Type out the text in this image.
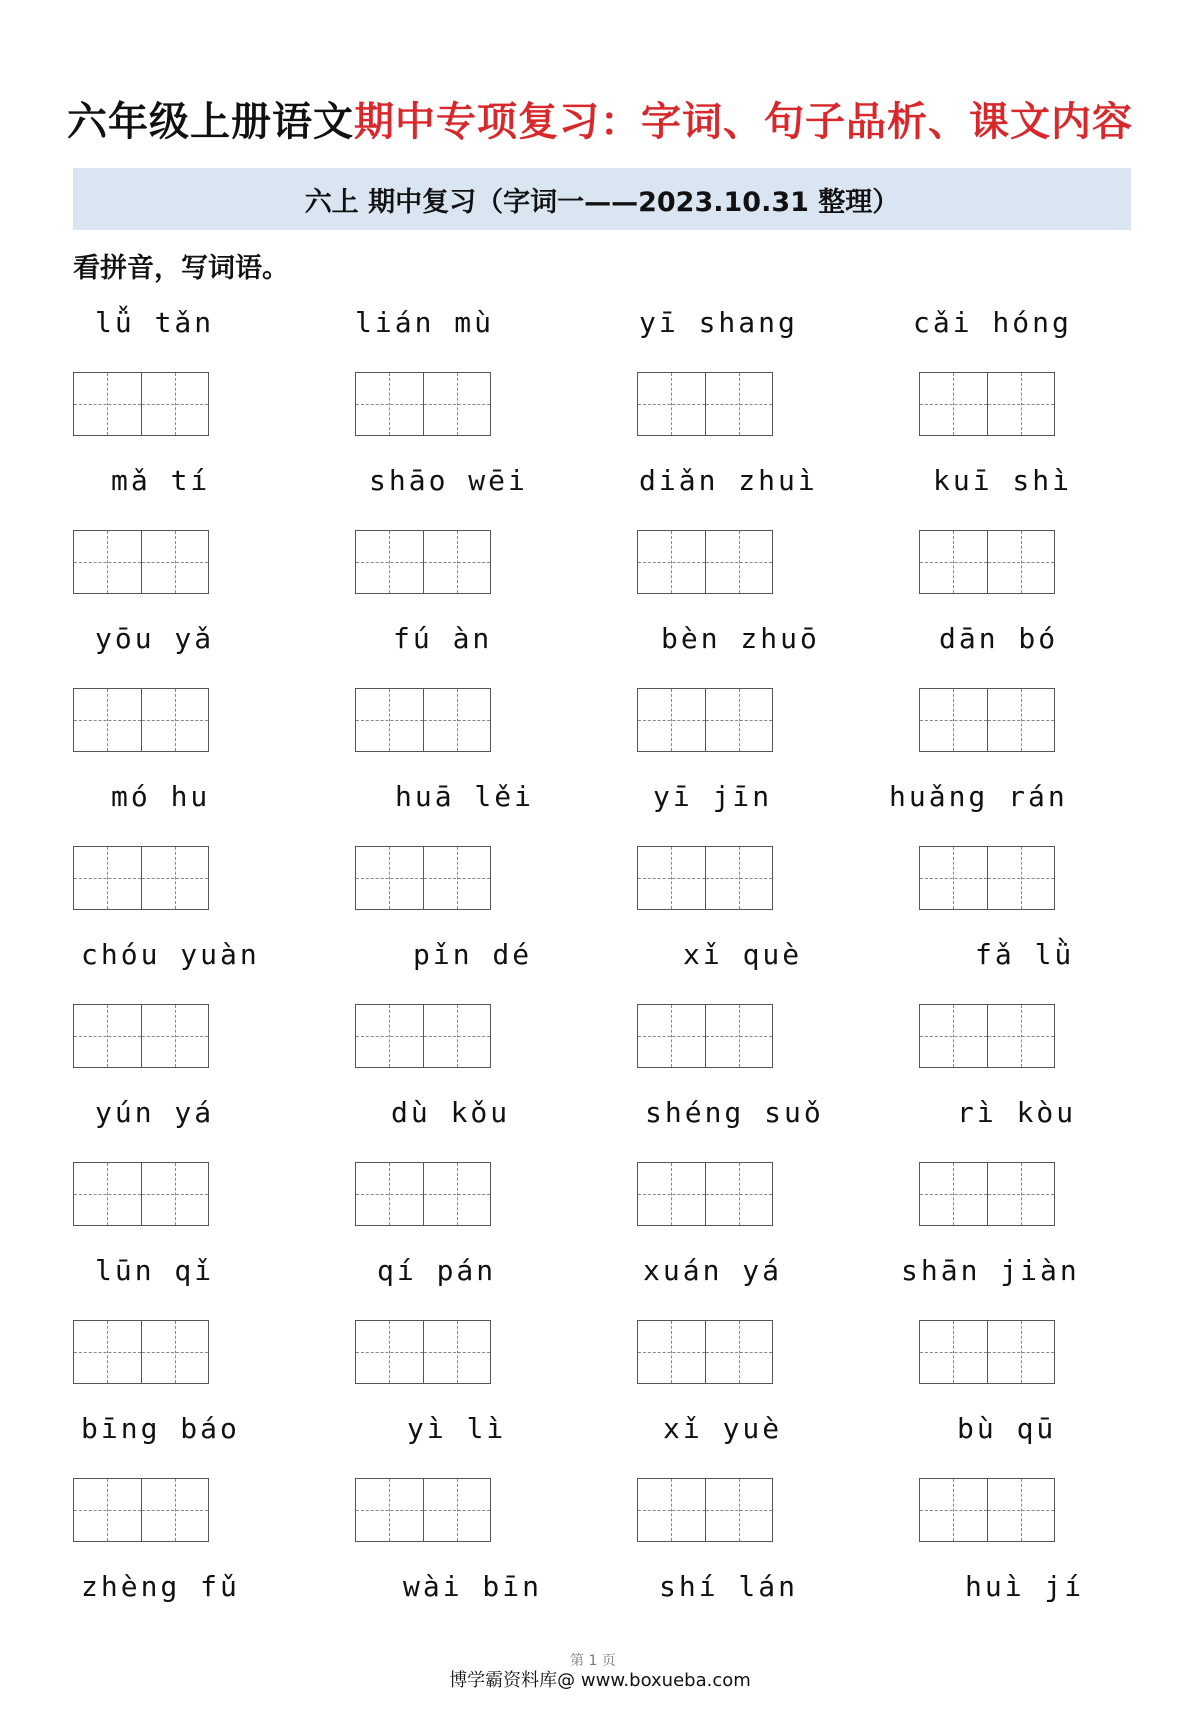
六年级上册语文期中专项复习：字词、句子品析、课文内容
六上 期中复习（字词一——2023.10.31 整理）
看拼音，写词语。
lǚ tǎn	lián mù	yī shang	cǎi hóng
mǎ tí	shāo wēi	diǎn zhuì	kuī shì
yōu yǎ	fú àn	bèn zhuō	dān bó
mó hu	huā lěi	yī jīn	huǎng rán
chóu yuàn	pǐn dé	xǐ què	fǎ lǜ
yún yá	dù kǒu	shéng suǒ	rì kòu
lūn qǐ	qí pán	xuán yá	shān jiàn
bīng báo	yì lì	xǐ yuè	bù qū
zhèng fǔ	wài bīn	shí lán	huì jí
第 1 页
博学霸资料库@ www.boxueba.com
